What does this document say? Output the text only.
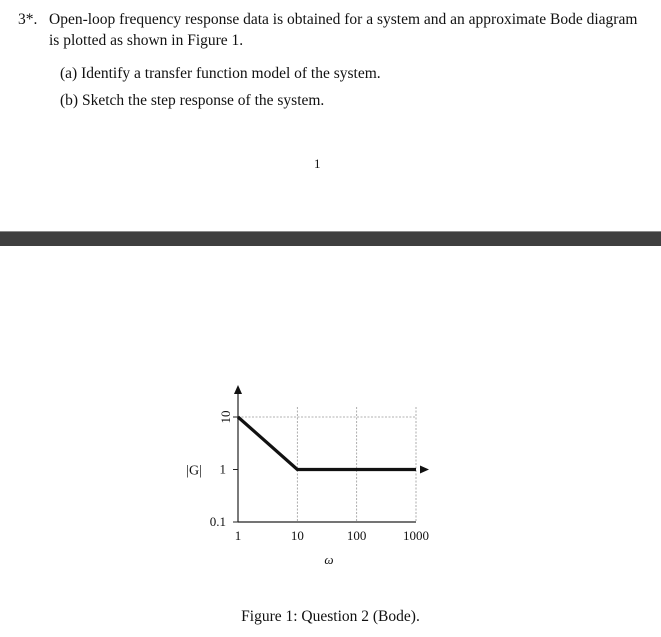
3*. Open-loop frequency response data is obtained for a system and an approximate Bode diagram is plotted as shown in Figure 1.
(a) Identify a transfer function model of the system.
(b) Sketch the step response of the system.
1
10
1
0.1
1	10	100	1000
|G|
ω
Figure 1: Question 2 (Bode).
